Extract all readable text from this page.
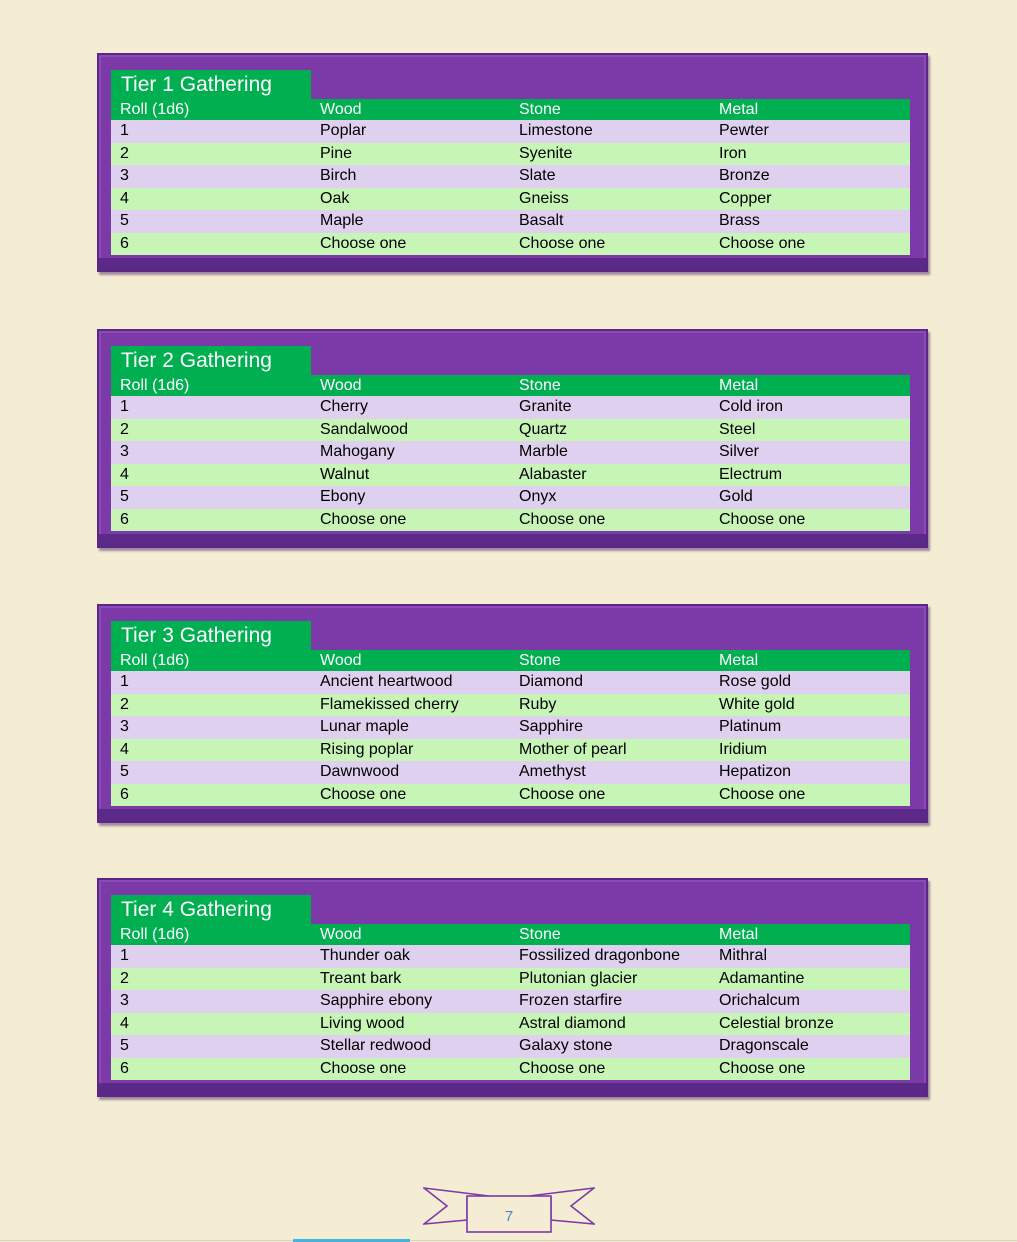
Tier 1 Gathering
Roll (1d6)	Wood	Stone	Metal
1	Poplar	Limestone	Pewter
2	Pine	Syenite	Iron
3	Birch	Slate	Bronze
4	Oak	Gneiss	Copper
5	Maple	Basalt	Brass
6	Choose one	Choose one	Choose one
Tier 2 Gathering
Roll (1d6)	Wood	Stone	Metal
1	Cherry	Granite	Cold iron
2	Sandalwood	Quartz	Steel
3	Mahogany	Marble	Silver
4	Walnut	Alabaster	Electrum
5	Ebony	Onyx	Gold
6	Choose one	Choose one	Choose one
Tier 3 Gathering
Roll (1d6)	Wood	Stone	Metal
1	Ancient heartwood	Diamond	Rose gold
2	Flamekissed cherry	Ruby	White gold
3	Lunar maple	Sapphire	Platinum
4	Rising poplar	Mother of pearl	Iridium
5	Dawnwood	Amethyst	Hepatizon
6	Choose one	Choose one	Choose one
Tier 4 Gathering
Roll (1d6)	Wood	Stone	Metal
1	Thunder oak	Fossilized dragonbone	Mithral
2	Treant bark	Plutonian glacier	Adamantine
3	Sapphire ebony	Frozen starfire	Orichalcum
4	Living wood	Astral diamond	Celestial bronze
5	Stellar redwood	Galaxy stone	Dragonscale
6	Choose one	Choose one	Choose one
7
